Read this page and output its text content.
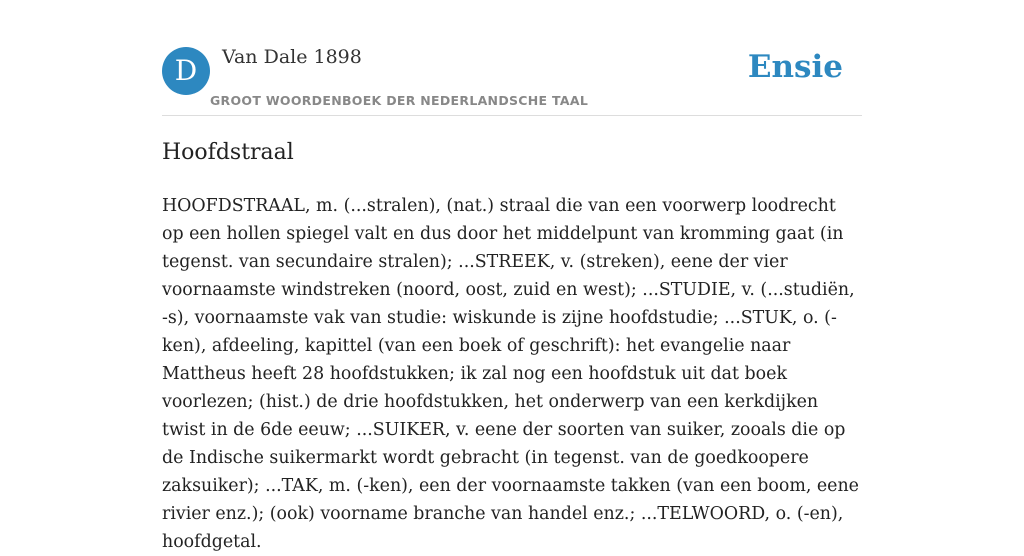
D	Van Dale 1898
GROOT WOORDENBOEK DER NEDERLANDSCHE TAAL
Ensie
Hoofdstraal

HOOFDSTRAAL, m. (...stralen), (nat.) straal die van een voorwerp loodrecht op een hollen spiegel valt en dus door het middelpunt van kromming gaat (in tegenst. van secundaire stralen); ...STREEK, v. (streken), eene der vier voornaamste windstreken (noord, oost, zuid en west); ...STUDIE, v. (...studiën, -s), voornaamste vak van studie: wiskunde is zijne hoofdstudie; ...STUK, o. (-ken), afdeeling, kapittel (van een boek of geschrift): het evangelie naar Mattheus heeft 28 hoofdstukken; ik zal nog een hoofdstuk uit dat boek voorlezen; (hist.) de drie hoofdstukken, het onderwerp van een kerkdijken twist in de 6de eeuw; ...SUIKER, v. eene der soorten van suiker, zooals die op de Indische suikermarkt wordt gebracht (in tegenst. van de goedkoopere zaksuiker); ...TAK, m. (-ken), een der voornaamste takken (van een boom, eene rivier enz.); (ook) voorname branche van handel enz.; ...TELWOORD, o. (-en), hoofdgetal.
